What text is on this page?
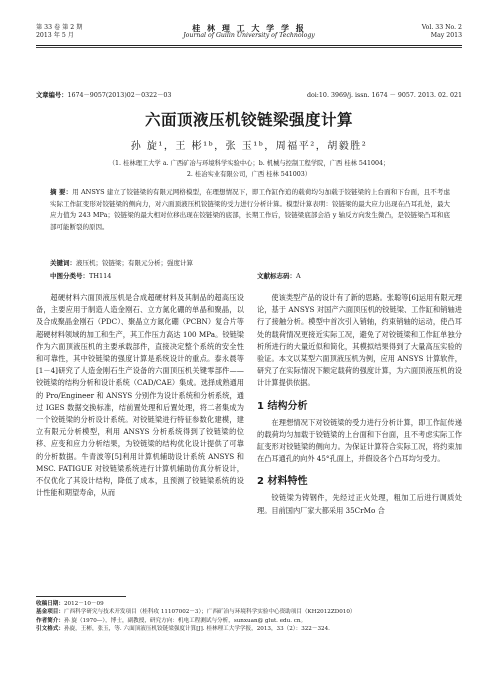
第 33 卷 第 2 期
2013 年 5 月
桂 林 理 工 大 学 学 报
Journal of Guilin University of Technology
Vol. 33 No. 2
May 2013
文章编号：1674－9057(2013)02－0322－03	doi:10. 3969/j. issn. 1674 － 9057. 2013. 02. 021
六面顶液压机铰链梁强度计算
孙 旋¹，王 彬¹ᵇ，张 玉¹ᵇ，周福平²，胡毅胜²
（1. 桂林理工大学 a. 广西矿冶与环境科学实验中心；b. 机械与控制工程学院，广西 桂林 541004；
2. 桂冶实业有限公司，广西 桂林 541003）
摘 要：用 ANSYS 建立了铰链梁的有限元网格模型，在理想情况下，即工作缸作追的载荷均匀加载于铰链梁的上台面和下台面，且不考虑实际工作缸变形对铰链梁的侧向力，对六面顶液压机铰链梁的受力进行分析计算。模型计算表明：铰链梁的最大应力出现在凸耳孔处，最大应力值为 243 MPa；铰链梁的最大相对位移出现在铰链梁的底部，长期工作后，铰链梁底部会沿 y 轴反方向发生微凸，是铰链梁凸耳和底部可能断裂的原因。
关键词：液压机；铰链梁；有限元分析；强度计算
中图分类号：TH114	文献标志码：A
超硬材料六面顶液压机是合成超硬材料及其制品的超高压设备，主要应用于制造人造金刚石、立方氮化硼的单晶和聚晶，以及合成聚晶金刚石（PDC）、聚晶立方氮化硼（PCBN）复合片等超硬材料领域的加工和生产，其工作压力高达 100 MPa。铰链梁作为六面顶液压机的主要承载部件，直接决定整个系统的安全性和可靠性，其中铰链梁的强度计算是系统设计的重点。泰永晨等[1－4]研究了人造金刚石生产设备的六面顶压机关键零部件——铰链梁的结构分析和设计系统（CAD/CAE）集成。选择成熟通用的 Pro/Engineer 和 ANSYS 分别作为设计系统和分析系统，通过 IGES 数据交换标准，结前置处理和后置处理，将二者集成为一个铰链梁的分析设计系统。对铰链梁进行特征参数化建模，建立有限元分析模型，利用 ANSYS 分析系统得到了铰链梁的位移、应变和应力分析结果，为铰链梁的结构优化设计提供了可靠的分析数据。牛青波等[5]利用计算机辅助设计系统 ANSYS 和 MSC. FATIGUE 对铰链梁系统进行计算机辅助仿真分析设计，不仅优化了其设计结构，降低了成本，且预测了铰链梁系统的设计性能和期望寿命，从而
使该类型产品的设计有了新的思路。张聪等[6]运用有限元理论，基于 ANSYS 对国产六面顶压机的铰链梁、工作缸和销轴进行了接触分析。模型中首次引入销轴，约束销轴的运动，使凸耳处的载荷情况更接近实际工况，避免了对铰链梁和工作缸单独分析所进行的大量近似和简化，其模拟结果得到了大量高压实验的验证。本文以某型六面顶液压机为例，应用 ANSYS 计算软件，研究了在实际情况下额定载荷的强度计算，为六面顶液压机的设计计算提供依据。
1 结构分析
在理想情况下对铰链梁的受力进行分析计算，即工作缸传递的载荷均匀加载于铰链梁的上台面和下台面，且不考虑实际工作缸变形对铰链梁的侧向力。为保证计算符合实际工况，将约束加在凸耳通孔的向外 45°孔面上，并假设各个凸耳均匀受力。
2 材料特性
铰链梁为铸钢件，先经过正火处理，粗加工后进行调质处理。目前国内厂家大都采用 35CrMo 合
收稿日期：2012－10－09
基金项目：广西科学研究与技术开发项目（桂科攻 11107002－3）；广西矿冶与环境科学实验中心资助项目（KH2012ZD010）
作者简介：孙 旋（1970—），博士，副教授，研究方向：机电工程测试与分析，sunxuan@ glut. edu. cn。
引文格式：孙旋，王彬，张玉，等. 六面顶液压机铰链梁强度计算[J]. 桂林理工大学学报，2013，33（2）：322－324.
